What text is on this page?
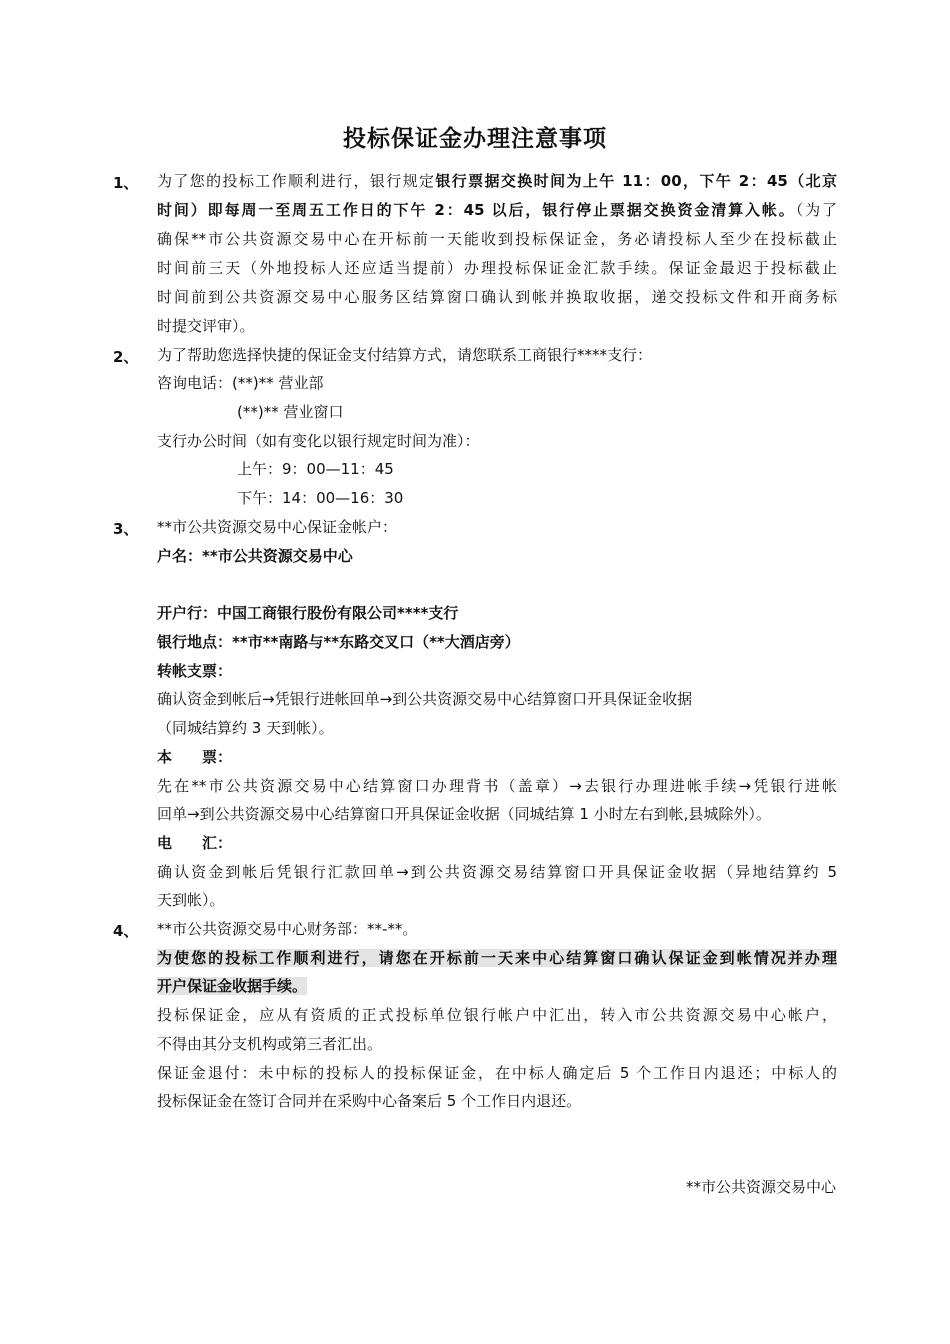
投标保证金办理注意事项
1、 为了您的投标工作顺利进行，银行规定银行票据交换时间为上午 11：00，下午 2：45（北京
时间）即每周一至周五工作日的下午 2：45 以后，银行停止票据交换资金清算入帐。（为了
确保**市公共资源交易中心在开标前一天能收到投标保证金，务必请投标人至少在投标截止
时间前三天（外地投标人还应适当提前）办理投标保证金汇款手续。保证金最迟于投标截止
时间前到公共资源交易中心服务区结算窗口确认到帐并换取收据，递交投标文件和开商务标
时提交评审）。
2、 为了帮助您选择快捷的保证金支付结算方式，请您联系工商银行****支行：
咨询电话：(**)** 营业部
(**)** 营业窗口
支行办公时间（如有变化以银行规定时间为准）：
上午：9：00—11：45
下午：14：00—16：30
3、 **市公共资源交易中心保证金帐户：
户名：**市公共资源交易中心
开户行：中国工商银行股份有限公司****支行
银行地点：**市**南路与**东路交叉口（**大酒店旁）
转帐支票：
确认资金到帐后→凭银行进帐回单→到公共资源交易中心结算窗口开具保证金收据
（同城结算约 3 天到帐）。
本　　票：
先在**市公共资源交易中心结算窗口办理背书（盖章）→去银行办理进帐手续→凭银行进帐
回单→到公共资源交易中心结算窗口开具保证金收据（同城结算 1 小时左右到帐,县城除外）。
电　　汇：
确认资金到帐后凭银行汇款回单→到公共资源交易结算窗口开具保证金收据（异地结算约 5
天到帐）。
4、 **市公共资源交易中心财务部：**-**。
为使您的投标工作顺利进行，请您在开标前一天来中心结算窗口确认保证金到帐情况并办理
开户保证金收据手续。
投标保证金，应从有资质的正式投标单位银行帐户中汇出，转入市公共资源交易中心帐户，
不得由其分支机构或第三者汇出。
保证金退付：未中标的投标人的投标保证金，在中标人确定后 5 个工作日内退还；中标人的
投标保证金在签订合同并在采购中心备案后 5 个工作日内退还。
**市公共资源交易中心
